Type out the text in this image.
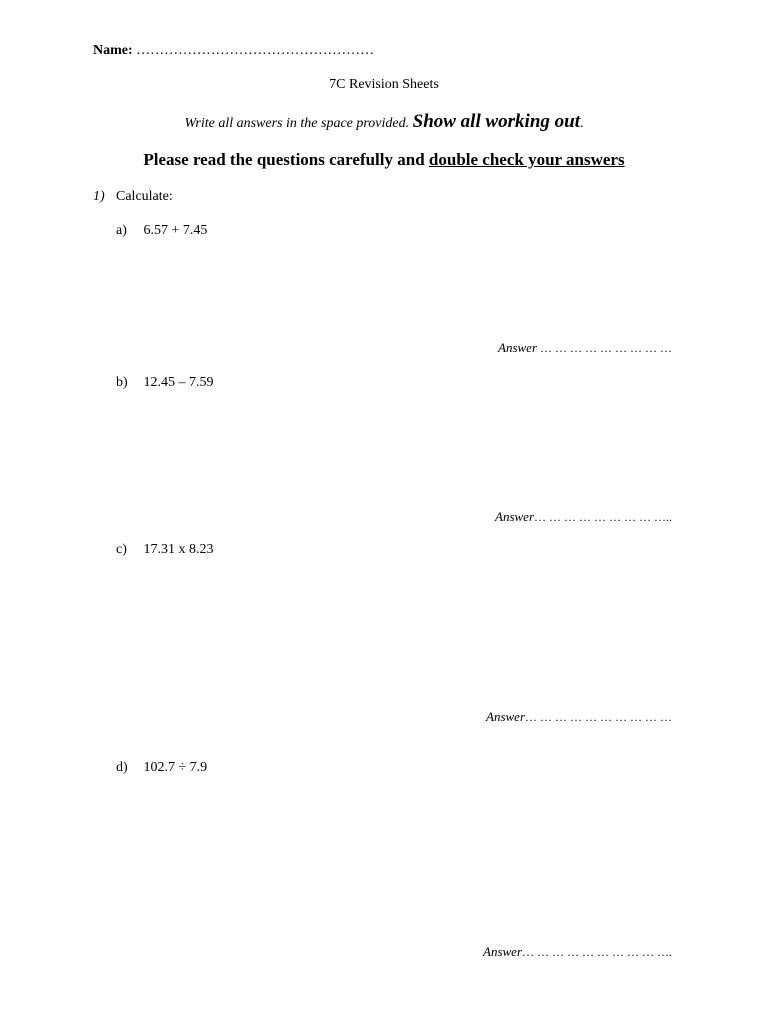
Name: ……………………………………………
7C Revision Sheets
Write all answers in the space provided. Show all working out.
Please read the questions carefully and double check your answers
1) Calculate:
a) 6.57 + 7.45
Answer … … … … … … … … …
b) 12.45 – 7.59
Answer… … … … … … … … …..
c) 17.31 x 8.23
Answer… … … … … … … … … …
d) 102.7 ÷ 7.9
Answer… … … … … … … … … ….
